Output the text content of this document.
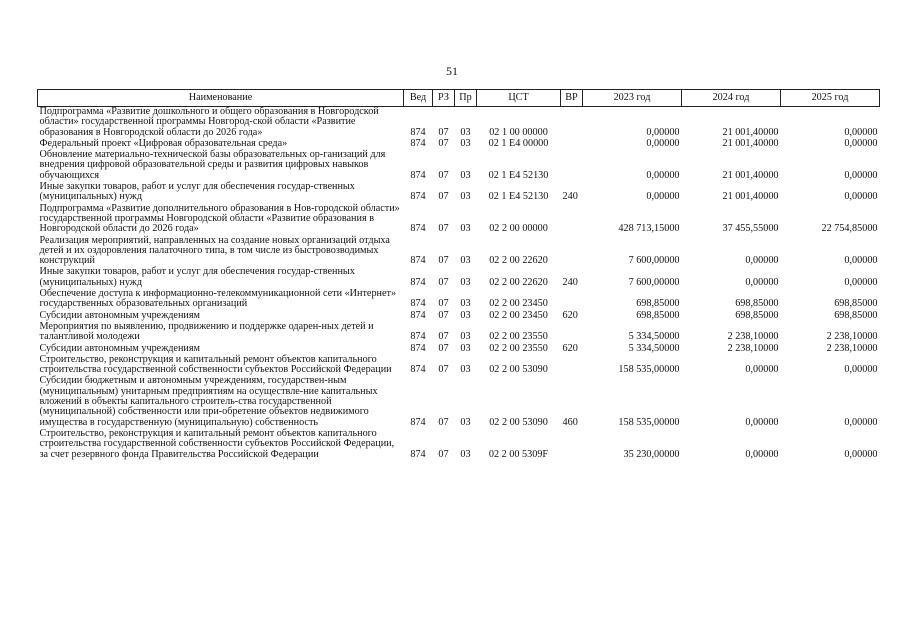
51
Наименование	Вед	РЗ	Пр	ЦСТ	ВР	2023 год	2024 год	2025 год
Подпрограмма «Развитие дошкольного и общего образования в Новгородской области» государственной программы Новгород-ской области «Развитие образования в Новгородской области до 2026 года»	874	07	03	02 1 00 00000		0,00000	21 001,40000	0,00000
Федеральный проект «Цифровая образовательная среда»	874	07	03	02 1 Е4 00000		0,00000	21 001,40000	0,00000
Обновление материально-технической базы образовательных ор-ганизаций для внедрения цифровой образовательной среды и развития цифровых навыков обучающихся	874	07	03	02 1 Е4 52130		0,00000	21 001,40000	0,00000
Иные закупки товаров, работ и услуг для обеспечения государ-ственных (муниципальных) нужд	874	07	03	02 1 Е4 52130	240	0,00000	21 001,40000	0,00000
Подпрограмма «Развитие дополнительного образования в Нов-городской области» государственной программы Новгородской области «Развитие образования в Новгородской области до 2026 года»	874	07	03	02 2 00 00000		428 713,15000	37 455,55000	22 754,85000
Реализация мероприятий, направленных на создание новых организаций отдыха детей и их оздоровления палаточного типа, в том числе из быстровозводимых конструкций	874	07	03	02 2 00 22620		7 600,00000	0,00000	0,00000
Иные закупки товаров, работ и услуг для обеспечения государ-ственных (муниципальных) нужд	874	07	03	02 2 00 22620	240	7 600,00000	0,00000	0,00000
Обеспечение доступа к информационно-телекоммуникационной сети «Интернет» государственных образовательных организаций	874	07	03	02 2 00 23450		698,85000	698,85000	698,85000
Субсидии автономным учреждениям	874	07	03	02 2 00 23450	620	698,85000	698,85000	698,85000
Мероприятия по выявлению, продвижению и поддержке одарен-ных детей и талантливой молодежи	874	07	03	02 2 00 23550		5 334,50000	2 238,10000	2 238,10000
Субсидии автономным учреждениям	874	07	03	02 2 00 23550	620	5 334,50000	2 238,10000	2 238,10000
Строительство, реконструкция и капитальный ремонт объектов капитального строительства государственной собственности субъектов Российской Федерации	874	07	03	02 2 00 53090		158 535,00000	0,00000	0,00000
Субсидии бюджетным и автономным учреждениям, государствен-ным (муниципальным) унитарным предприятиям на осуществле-ние капитальных вложений в объекты капитального строитель-ства государственной (муниципальной) собственности или при-обретение объектов недвижимого имущества в государственную (муниципальную) собственность	874	07	03	02 2 00 53090	460	158 535,00000	0,00000	0,00000
Строительство, реконструкция и капитальный ремонт объектов капитального строительства государственной собственности субъектов Российской Федерации, за счет резервного фонда Правительства Российской Федерации	874	07	03	02 2 00 5309F		35 230,00000	0,00000	0,00000
